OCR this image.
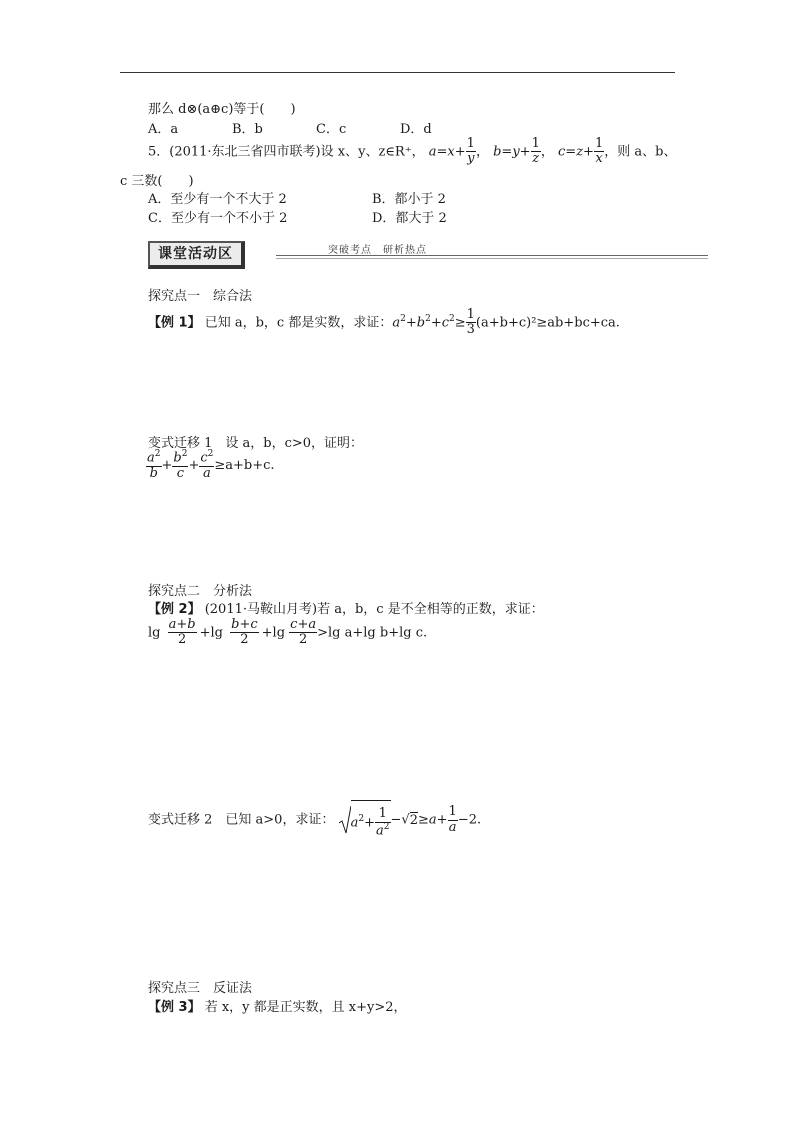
那么 d⊗(a⊕c)等于(　　)
A．a	B．b	C．c	D．d
5．(2011·东北三省四市联考)设 x、y、z∈R⁺， $a=x+ \frac{1}{y}$ ， $b=y+ \frac{1}{z}$ ， $c=z+ \frac{1}{x}$ ，则 a、b、
c 三数(　　)
A．至少有一个不大于 2	B．都小于 2
C．至少有一个不小于 2	D．都大于 2
课堂活动区	突破考点　研析热点
探究点一　综合法
【例 1】 已知 a，b，c 都是实数，求证：$a^2+b^2+c^2\ge \frac{1}{3} (a+b+c)^2\ge ab+bc+ca$.
变式迁移 1　设 a，b，c>0，证明：
$\frac{a^2}{b} + \frac{b^2}{c} + \frac{c^2}{a} \ge a+b+c$.
探究点二　分析法
【例 2】 (2011·马鞍山月考)若 a，b，c 是不全相等的正数，求证：
$\lg \frac{a+b}{2} +\lg \frac{b+c}{2} +\lg \frac{c+a}{2} >\lg$ a+lg b+lg c.
变式迁移 2　已知 a>0，求证： $a^2+ \frac{1}{a^2} -√2\ge a+ \frac{1}{a} -2$.
探究点三　反证法
【例 3】 若 x，y 都是正实数，且 x+y>2，
